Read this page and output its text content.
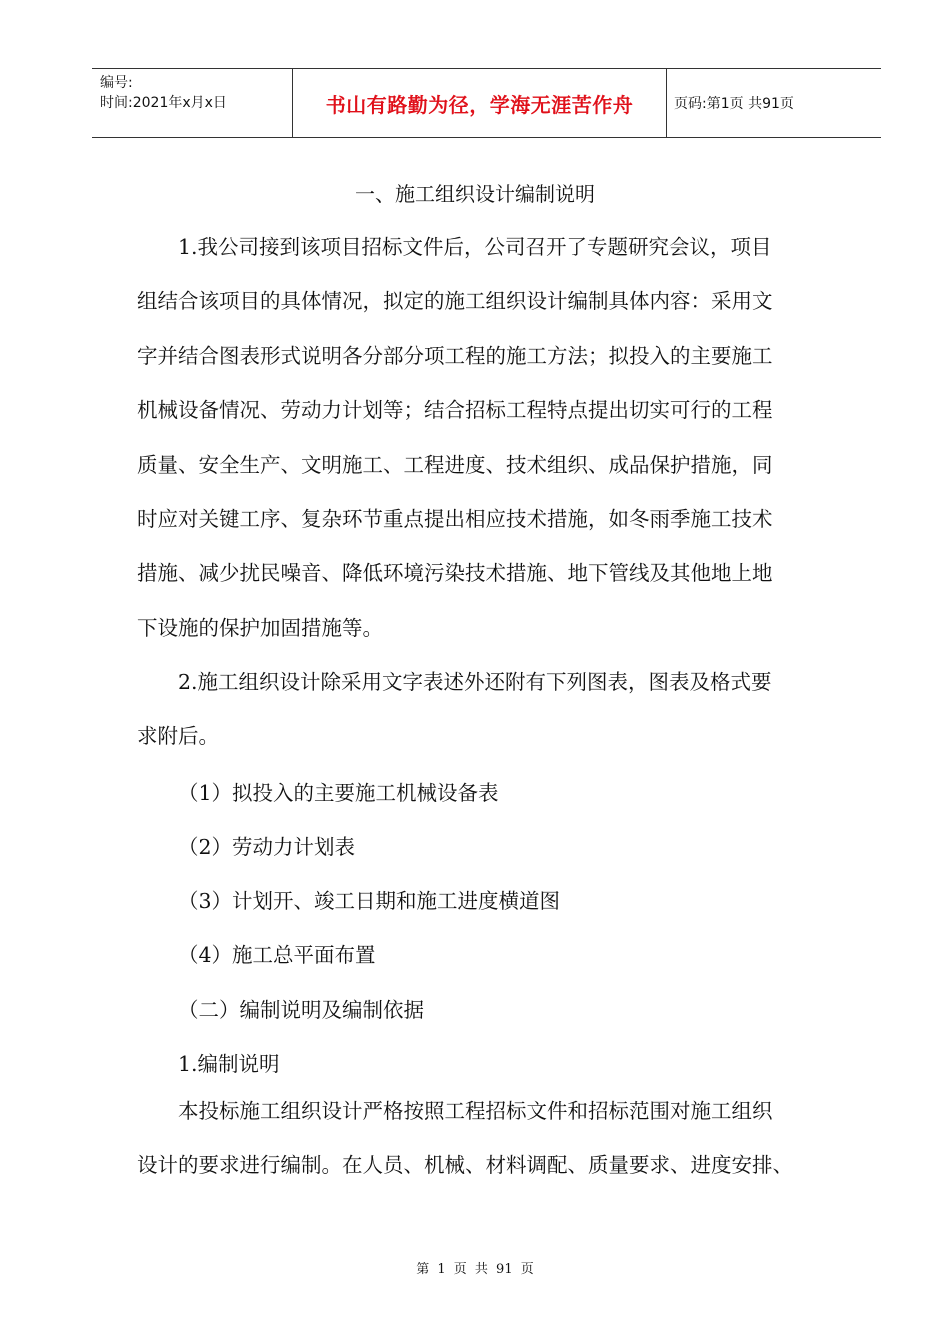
编号:
时间:2021年x月x日	书山有路勤为径，学海无涯苦作舟	页码:第1页 共91页
一、施工组织设计编制说明

1.我公司接到该项目招标文件后，公司召开了专题研究会议，项目
组结合该项目的具体情况，拟定的施工组织设计编制具体内容：采用文
字并结合图表形式说明各分部分项工程的施工方法；拟投入的主要施工
机械设备情况、劳动力计划等；结合招标工程特点提出切实可行的工程
质量、安全生产、文明施工、工程进度、技术组织、成品保护措施，同
时应对关键工序、复杂环节重点提出相应技术措施，如冬雨季施工技术
措施、减少扰民噪音、降低环境污染技术措施、地下管线及其他地上地
下设施的保护加固措施等。

2.施工组织设计除采用文字表述外还附有下列图表，图表及格式要
求附后。

（1）拟投入的主要施工机械设备表
（2）劳动力计划表
（3）计划开、竣工日期和施工进度横道图
（4）施工总平面布置
（二）编制说明及编制依据
1.编制说明

本投标施工组织设计严格按照工程招标文件和招标范围对施工组织
设计的要求进行编制。在人员、机械、材料调配、质量要求、进度安排、

第 1 页 共 91 页
